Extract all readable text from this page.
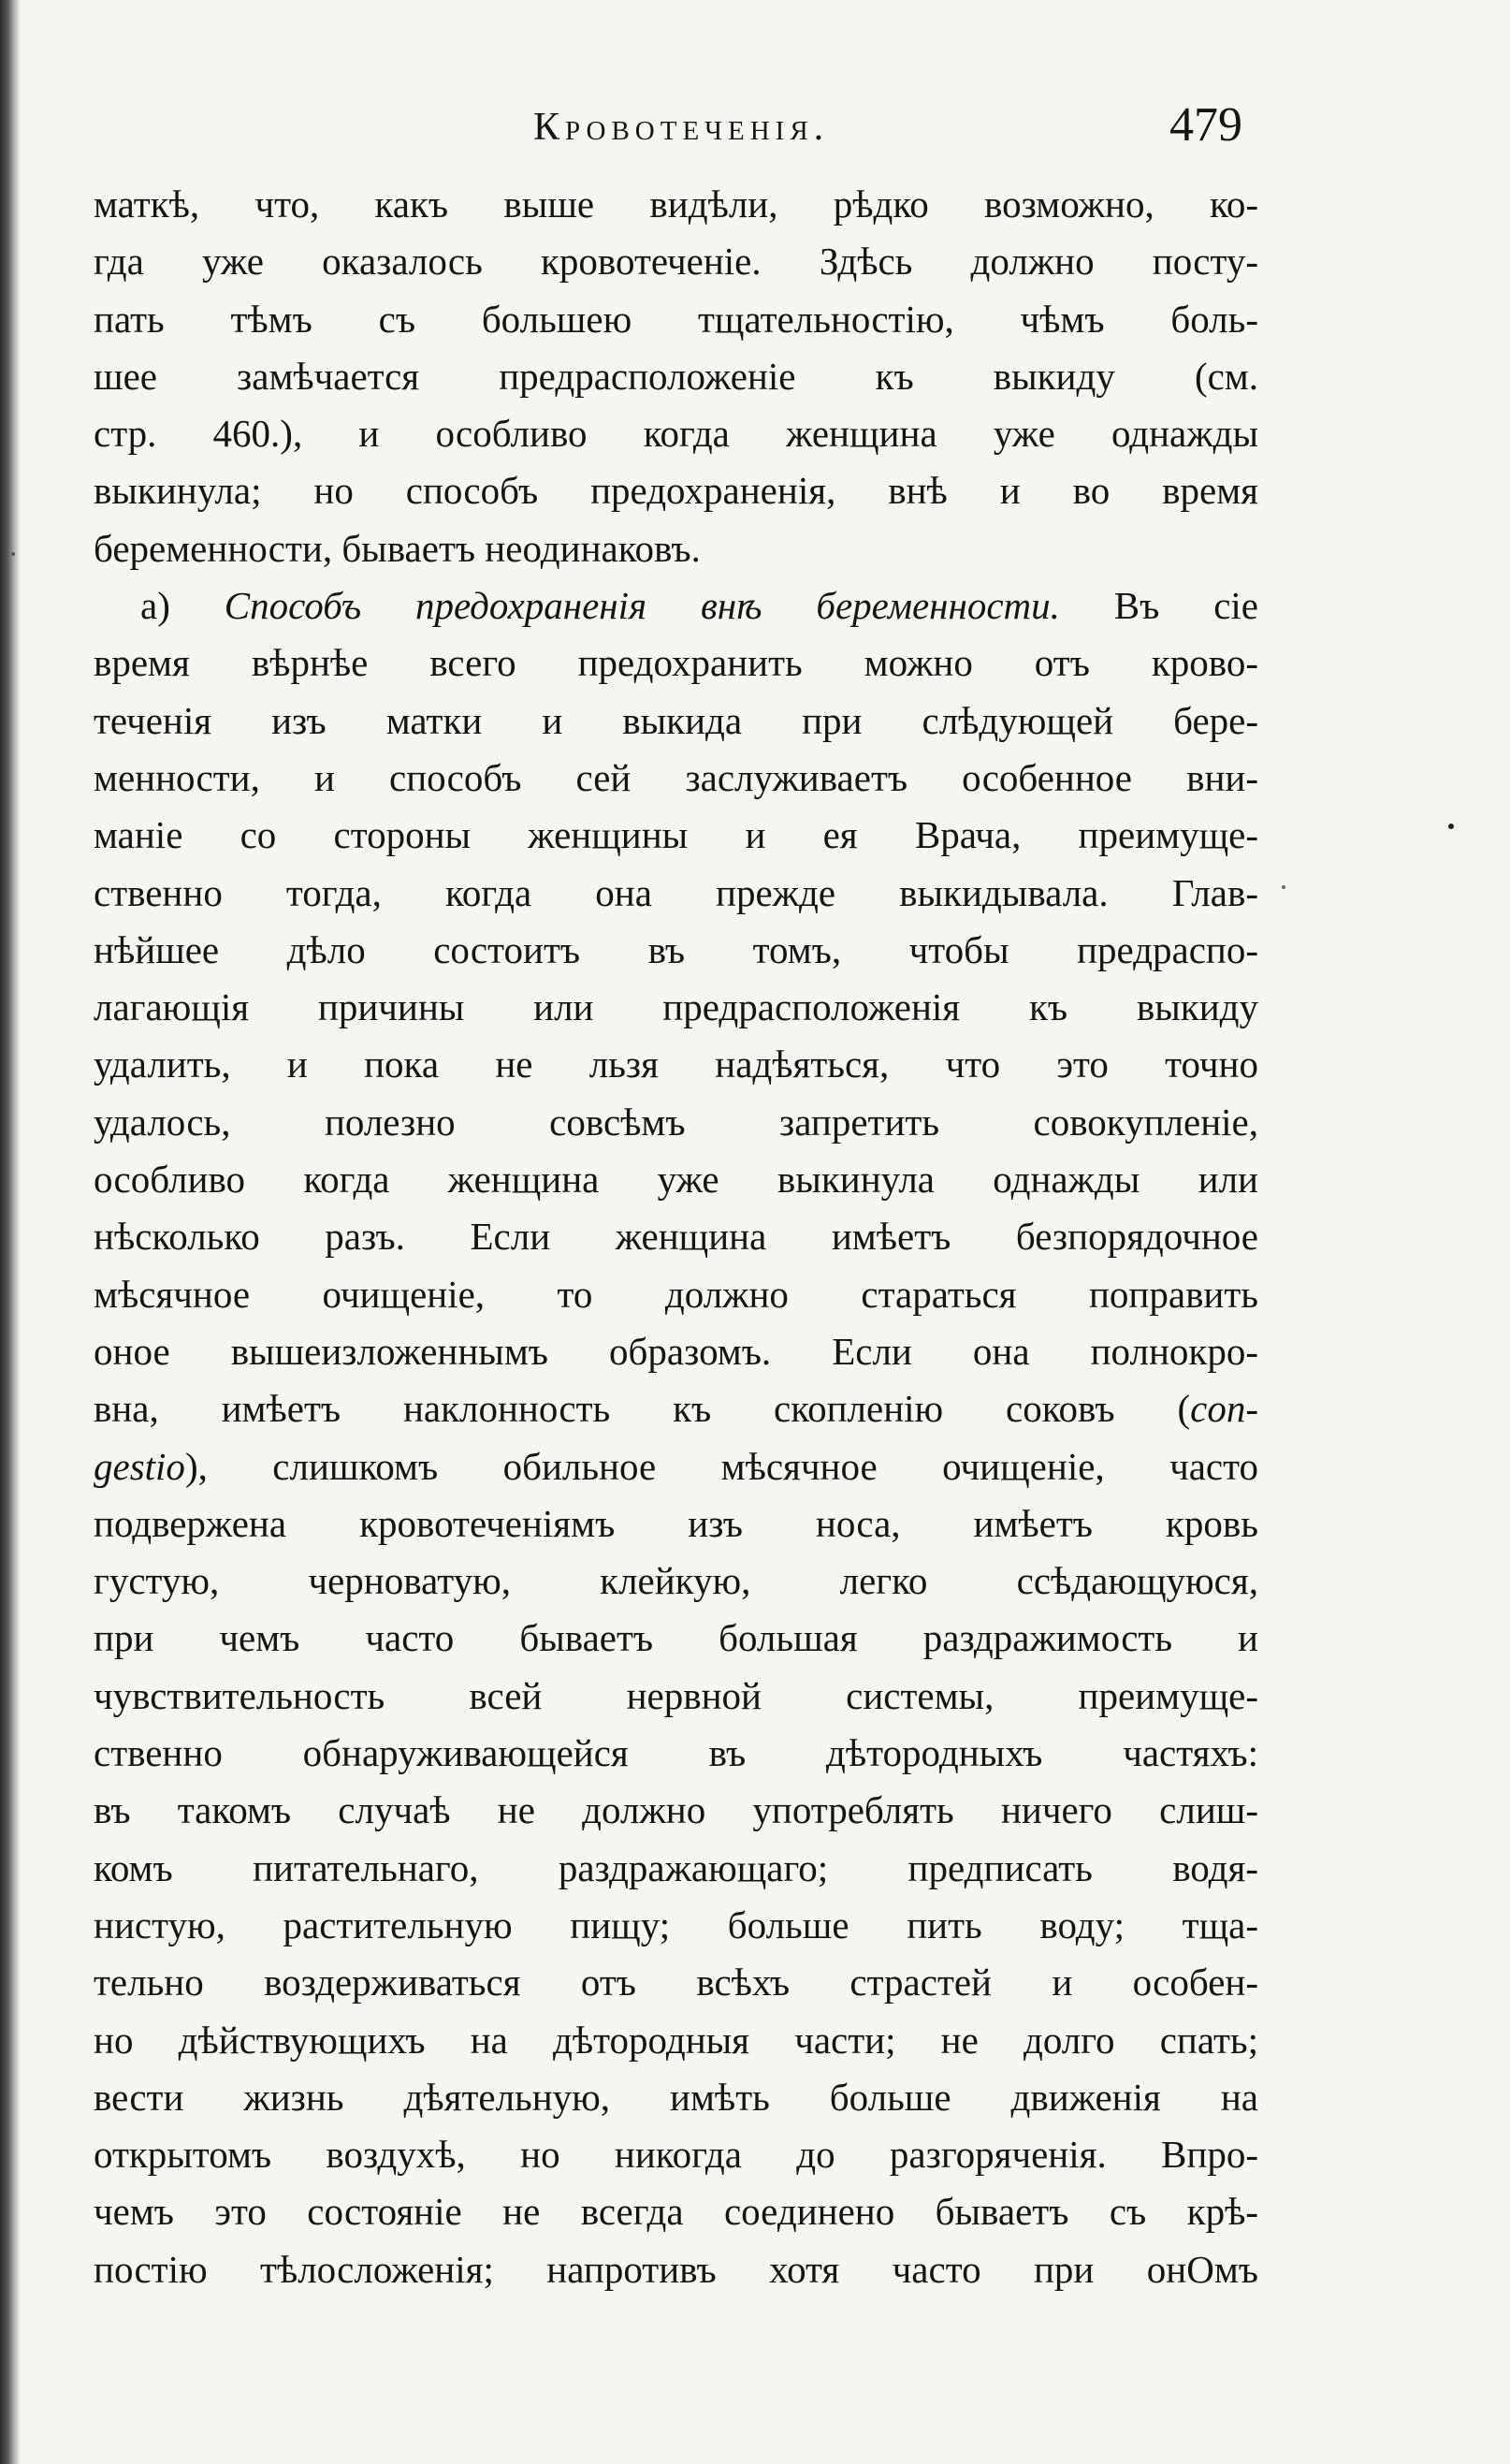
Кровотеченія.	479
маткѣ, что, какъ выше видѣли, рѣдко возможно, ко-
гда уже оказалось кровотеченіе. Здѣсь должно посту-
пать тѣмъ съ большею тщательностію, чѣмъ боль-
шее замѣчается предрасположеніе къ выкиду (см.
стр. 460.), и особливо когда женщина уже однажды
выкинула; но способъ предохраненія, внѣ и во время
беременности, бываетъ неодинаковъ.
а) Способъ предохраненія внѣ беременности. Въ сіе
время вѣрнѣе всего предохранить можно отъ крово-
теченія изъ матки и выкида при слѣдующей бере-
менности, и способъ сей заслуживаетъ особенное вни-
маніе со стороны женщины и ея Врача, преимуще-
ственно тогда, когда она прежде выкидывала. Глав-
нѣйшее дѣло состоитъ въ томъ, чтобы предраспо-
лагающія причины или предрасположенія къ выкиду
удалить, и пока не льзя надѣяться, что это точно
удалось, полезно совсѣмъ запретить совокупленіе,
особливо когда женщина уже выкинула однажды или
нѣсколько разъ. Если женщина имѣетъ безпорядочное
мѣсячное очищеніе, то должно стараться поправить
оное вышеизложеннымъ образомъ. Если она полнокро-
вна, имѣетъ наклонность къ скопленію соковъ (con-
gestio), слишкомъ обильное мѣсячное очищеніе, часто
подвержена кровотеченіямъ изъ носа, имѣетъ кровь
густую, черноватую, клейкую, легко ссѣдающуюся,
при чемъ часто бываетъ большая раздражимость и
чувствительность всей нервной системы, преимуще-
ственно обнаруживающейся въ дѣтородныхъ частяхъ:
въ такомъ случаѣ не должно употреблять ничего слиш-
комъ питательнаго, раздражающаго; предписать водя-
нистую, растительную пищу; больше пить воду; тща-
тельно воздерживаться отъ всѣхъ страстей и особен-
но дѣйствующихъ на дѣтородныя части; не долго спать;
вести жизнь дѣятельную, имѣть больше движенія на
открытомъ воздухѣ, но никогда до разгоряченія. Впро-
чемъ это состояніе не всегда соединено бываетъ съ крѣ-
постію тѣлосложенія; напротивъ хотя часто при онОмъ
